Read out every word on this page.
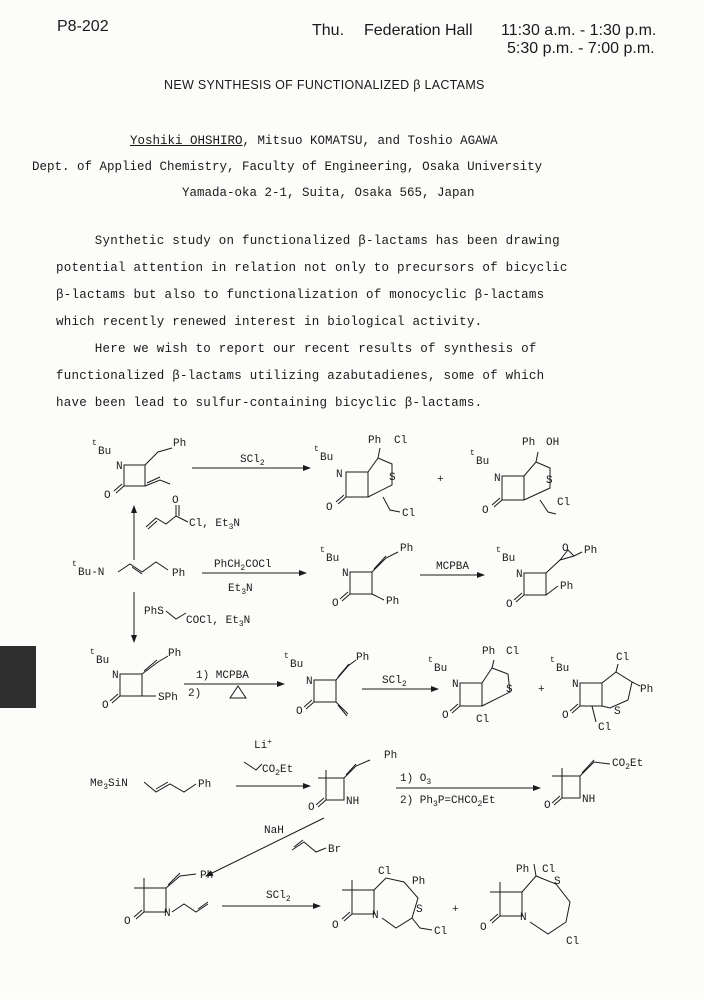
P8-202	Thu. Federation Hall 11:30 a.m. - 1:30 p.m.
5:30 p.m. - 7:00 p.m.
NEW SYNTHESIS OF FUNCTIONALIZED β LACTAMS
Yoshiki OHSHIRO, Mitsuo KOMATSU, and Toshio AGAWA
Dept. of Applied Chemistry, Faculty of Engineering, Osaka University
Yamada-oka 2-1, Suita, Osaka 565, Japan
Synthetic study on functionalized β-lactams has been drawing
potential attention in relation not only to precursors of bicyclic
β-lactams but also to functionalization of monocyclic β-lactams
which recently renewed interest in biological activity.
Here we wish to report our recent results of synthesis of
functionalized β-lactams utilizing azabutadienes, some of which
have been lead to sulfur-containing bicyclic β-lactams.
t
Bu
N
O
Ph
SCl$_2$
t
Bu
N
O
S
Ph Cl
Cl
+
t
Bu
N
O
S
Ph OH
Cl
O
Cl, $Et_3N$
t
Bu-N	Ph
PhCH$_2$COCl
$Et_3N$
t
Bu
N
O
Ph
Ph
MCPBA
t
Bu
N
O
O Ph
Ph
PhS
COCl, $Et_3N$
t
Bu
N
O
Ph
SPh
1) MCPBA
2)
t
Bu
N
O
Ph
SCl$_2$
t
Bu
N
O
S
Ph Cl
Cl
+
t
Bu
N
O	S
Cl
Ph
Cl
$Me_3SiN$	Ph
Li+
$CO_2Et$
O	NH
Ph
1) $O_3$
2) $Ph_3P=CHCO_2Et$	O	NH
$CO_2Et$
NaH
Br
O
N
Ph
SCl$_2$
O
N	S
Cl
Ph
Cl
+
O
N
S
Ph Cl
Cl
